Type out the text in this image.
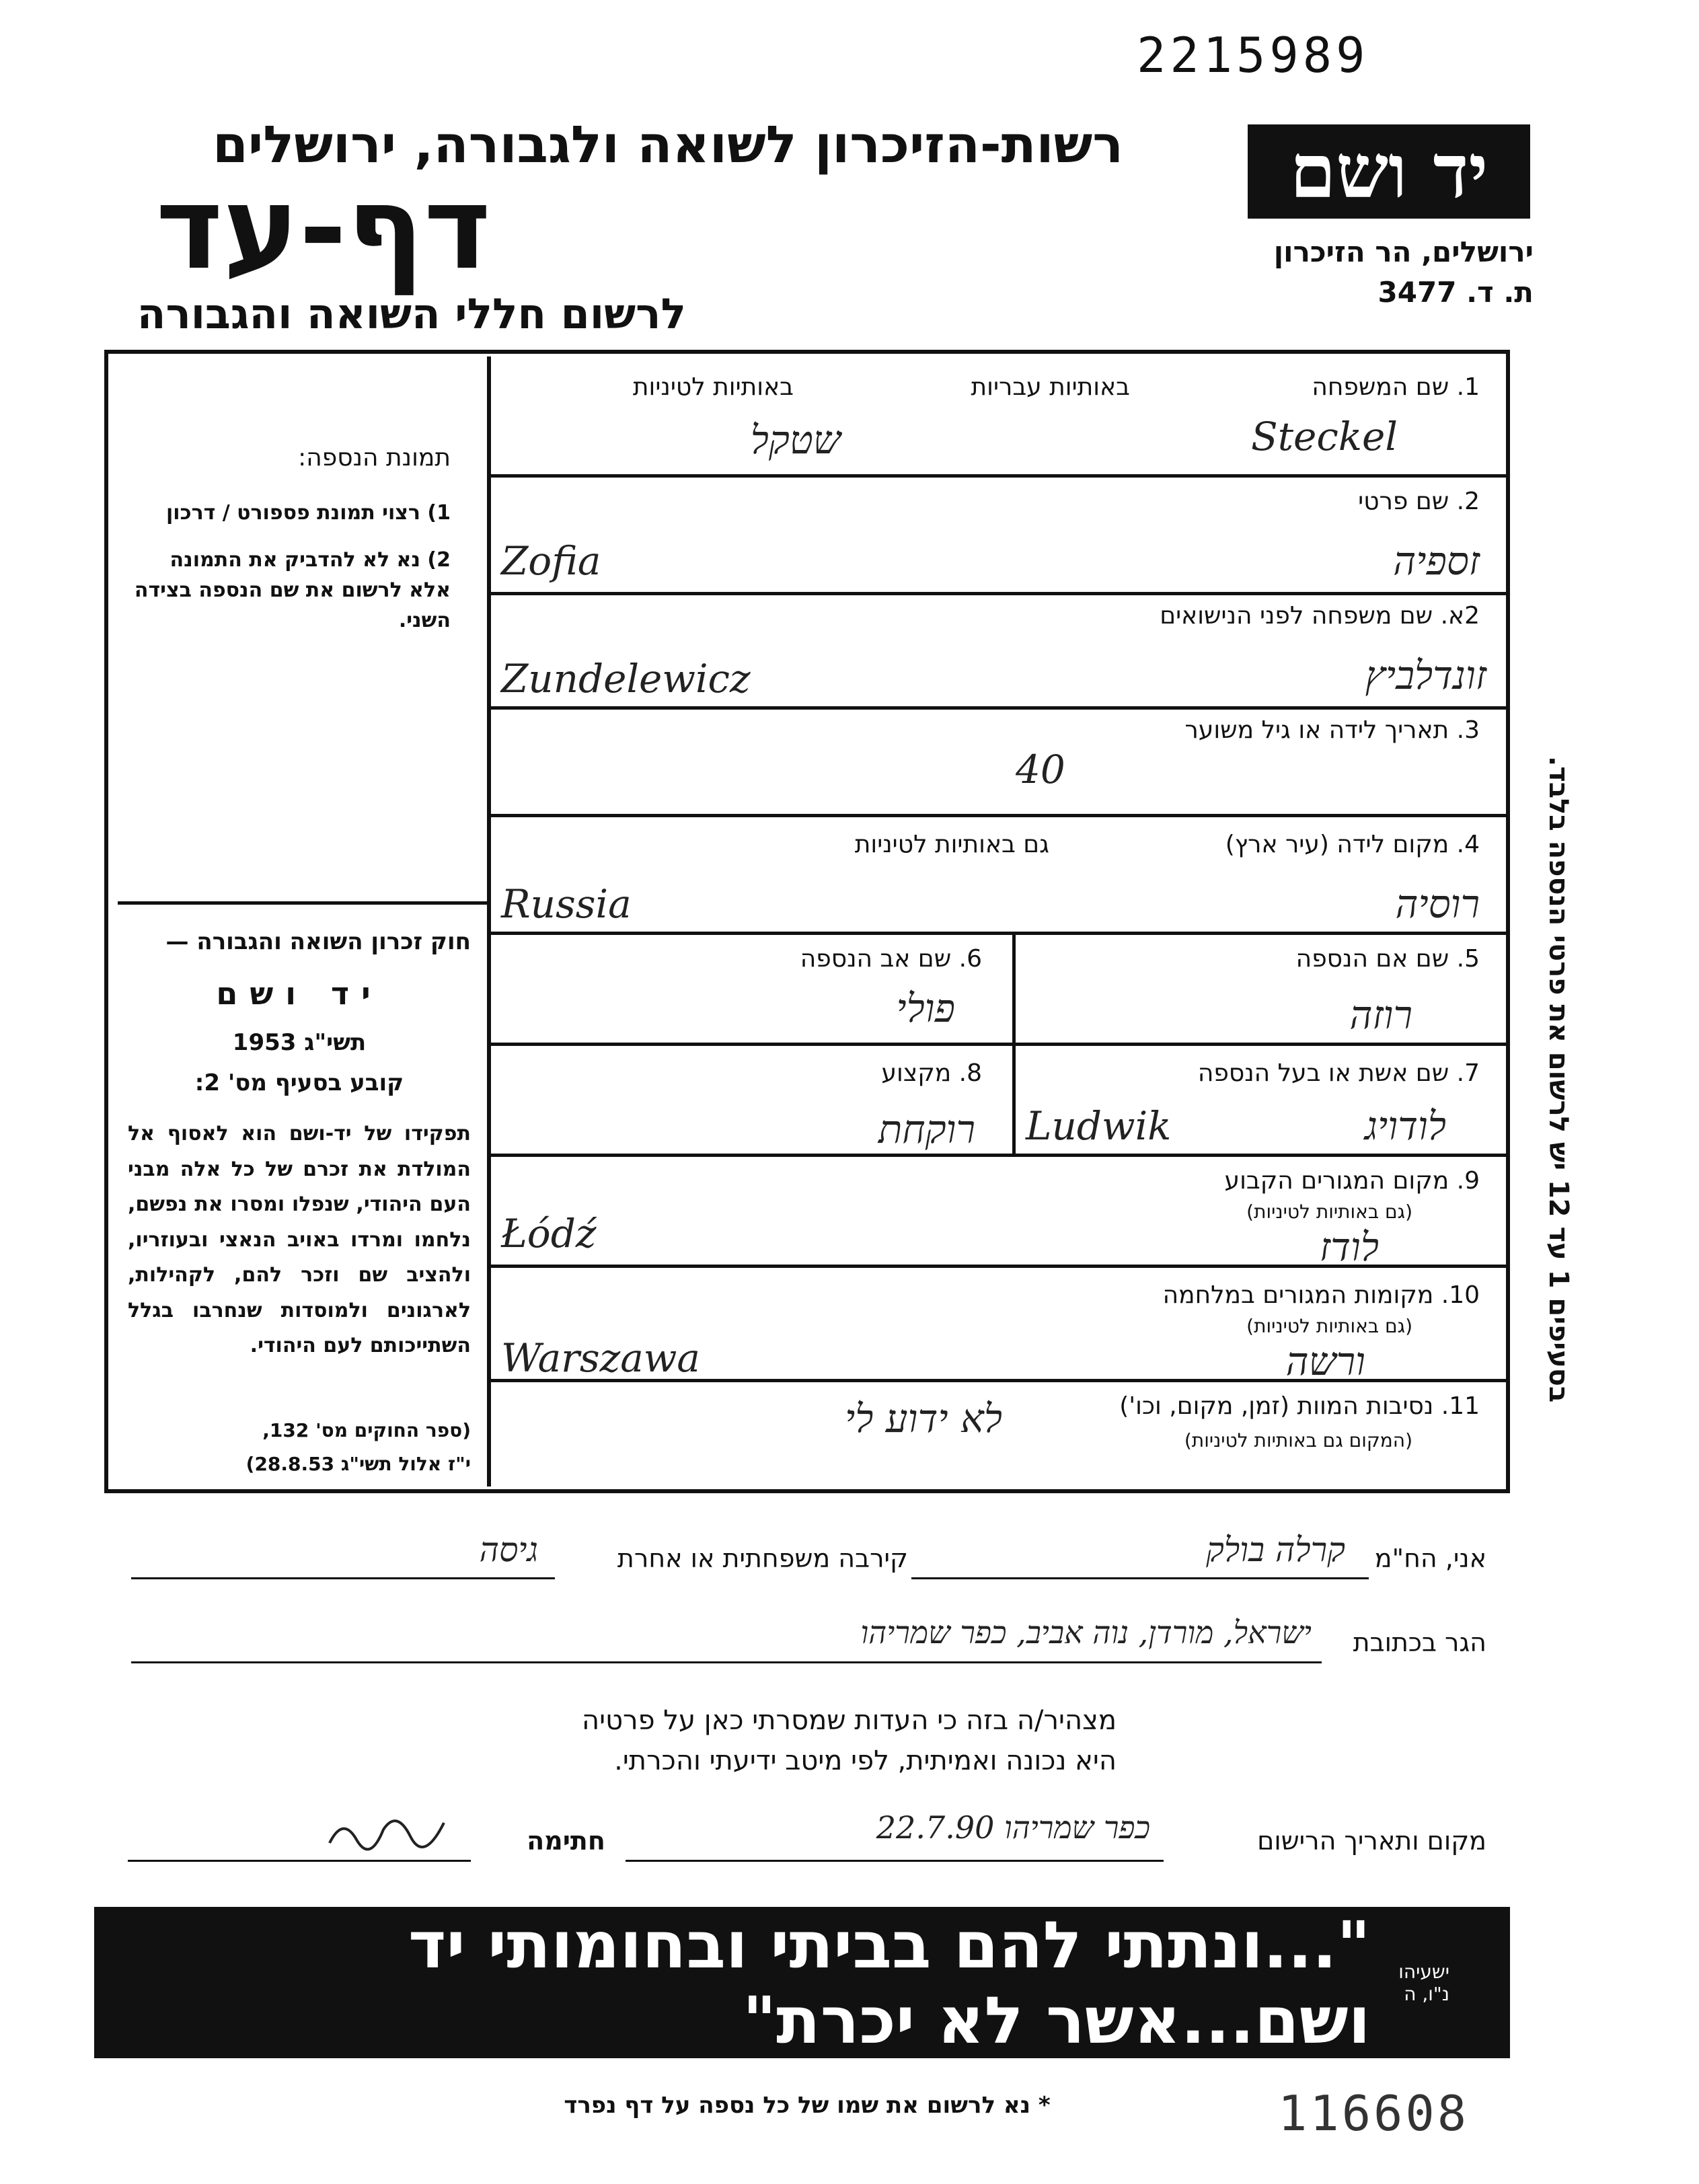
2215989
יד ושם
ירושלים, הר הזיכרון
ת. ד. 3477
רשות-הזיכרון לשואה ולגבורה, ירושלים
דף-עד
לרשום חללי השואה והגבורה
תמונת הנספה:
1) רצוי תמונת פספורט / דרכון
2) נא לא להדביק את התמונה אלא לרשום את שם הנספה בצידה השני.
חוק זכרון השואה והגבורה —
יד ושם
תשי"ג 1953
קובע בסעיף מס' 2:
תפקידו של יד-ושם הוא לאסוף אל המולדת את זכרם של כל אלה מבני העם היהודי, שנפלו ומסרו את נפשם, נלחמו ומרדו באויב הנאצי ובעוזריו, ולהציב שם וזכר להם, לקהילות, לארגונים ולמוסדות שנחרבו בגלל השתייכותם לעם היהודי.
(ספר החוקים מס' 132,
י"ז אלול תשי"ג 28.8.53)
1. שם המשפחה
באותיות עבריות
באותיות לטיניות
Steckel
שטקל
2. שם פרטי
Zofia	זספיה
2א. שם משפחה לפני הנישואים
Zundelewicz	זונדלביץ
3. תאריך לידה או גיל משוער
40
4. מקום לידה (עיר ארץ)
גם באותיות לטיניות
Russia	רוסיה
5. שם אם הנספה
רוזה
6. שם אב הנספה
פולי
7. שם אשת או בעל הנספה
Ludwik	לודויג
8. מקצוע
רוקחת
9. מקום המגורים הקבוע
(גם באותיות לטיניות)
Łódź	לודז
10. מקומות המגורים במלחמה
(גם באותיות לטיניות)
Warszawa	ורשה
11. נסיבות המוות (זמן, מקום, וכו')
(המקום גם באותיות לטיניות)
לא ידוע לי
בסעיפים 1 עד 12 יש לרשום את פרטי הנספה בלבד.
אני, הח"מ
קרלה בולק
קירבה משפחתית או אחרת
גיסה
הגר בכתובת
ישראל, מורדן, נוה אביב, כפר שמריהו
מצהיר/ה בזה כי העדות שמסרתי כאן על פרטיה
היא נכונה ואמיתית, לפי מיטב ידיעתי והכרתי.
מקום ותאריך הרישום
כפר שמריהו 22.7.90
חתימה
"...ונתתי להם בביתי ובחומותי יד ושם...אשר לא יכרת"
ישעיהו נ"ו, ה
* נא לרשום את שמו של כל נספה על דף נפרד	116608
